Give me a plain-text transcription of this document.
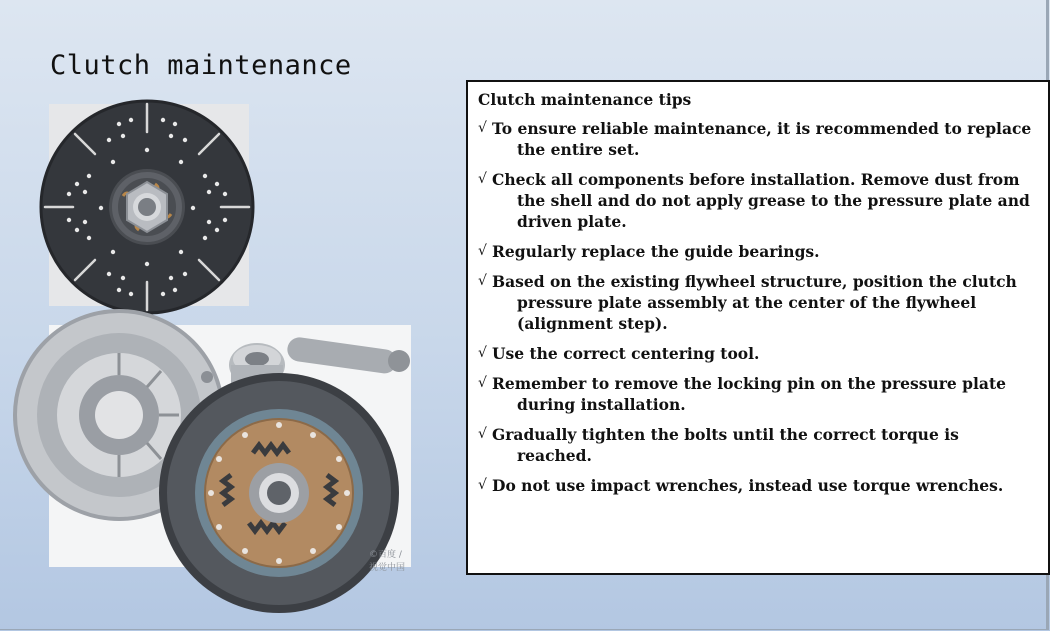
Clutch maintenance
©百度 / 视觉中国

Clutch maintenance tips

√ To ensure reliable maintenance, it is recommended to replace the entire set.
√ Check all components before installation. Remove dust from the shell and do not apply grease to the pressure plate and driven plate.
√ Regularly replace the guide bearings.
√ Based on the existing flywheel structure, position the clutch pressure plate assembly at the center of the flywheel (alignment step).
√ Use the correct centering tool.
√ Remember to remove the locking pin on the pressure plate during installation.
√ Gradually tighten the bolts until the correct torque is reached.
√ Do not use impact wrenches, instead use torque wrenches.
